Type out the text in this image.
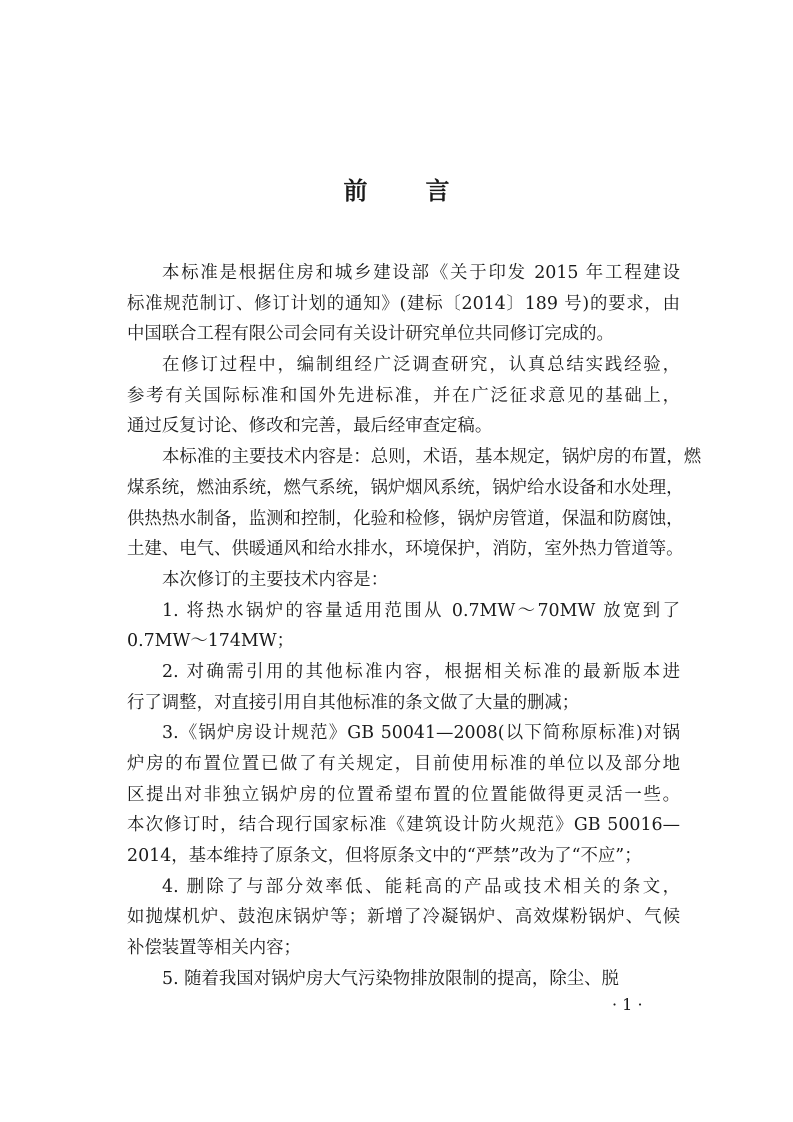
前 言
本标准是根据住房和城乡建设部《关于印发 2015 年工程建设
标准规范制订、修订计划的通知》(建标〔2014〕189 号)的要求，由
中国联合工程有限公司会同有关设计研究单位共同修订完成的。
在修订过程中，编制组经广泛调查研究，认真总结实践经验，
参考有关国际标准和国外先进标准，并在广泛征求意见的基础上，
通过反复讨论、修改和完善，最后经审查定稿。
本标准的主要技术内容是：总则，术语，基本规定，锅炉房的布置，燃
煤系统，燃油系统，燃气系统，锅炉烟风系统，锅炉给水设备和水处理，
供热热水制备，监测和控制，化验和检修，锅炉房管道，保温和防腐蚀，
土建、电气、供暖通风和给水排水，环境保护，消防，室外热力管道等。
本次修订的主要技术内容是：
1. 将热水锅炉的容量适用范围从 0.7MW～70MW 放宽到了
0.7MW～174MW；
2. 对确需引用的其他标准内容，根据相关标准的最新版本进
行了调整，对直接引用自其他标准的条文做了大量的删减；
3.《锅炉房设计规范》GB 50041—2008(以下简称原标准)对锅
炉房的布置位置已做了有关规定，目前使用标准的单位以及部分地
区提出对非独立锅炉房的位置希望布置的位置能做得更灵活一些。
本次修订时，结合现行国家标准《建筑设计防火规范》GB 50016—
2014，基本维持了原条文，但将原条文中的“严禁”改为了“不应”；
4. 删除了与部分效率低、能耗高的产品或技术相关的条文，
如抛煤机炉、鼓泡床锅炉等；新增了冷凝锅炉、高效煤粉锅炉、气候
补偿装置等相关内容；
5. 随着我国对锅炉房大气污染物排放限制的提高，除尘、脱
· 1 ·
